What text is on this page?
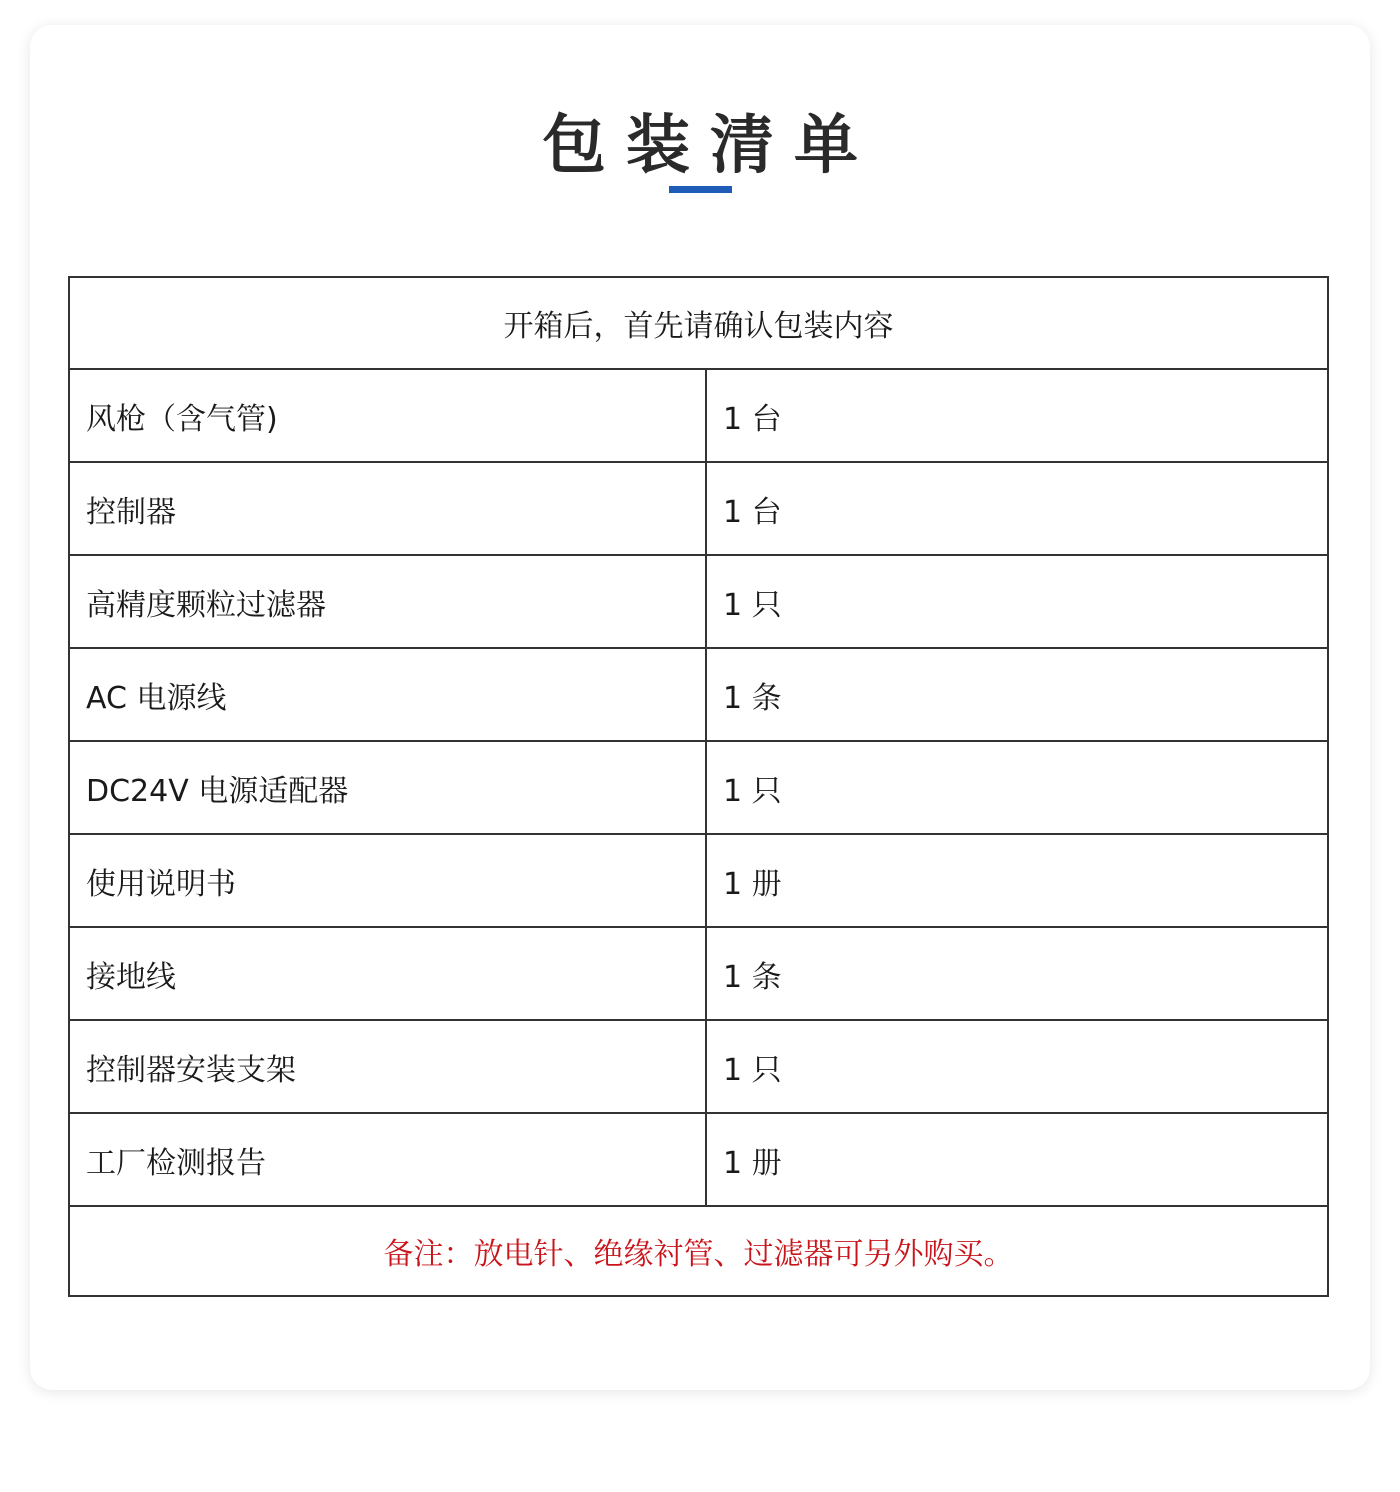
包装清单
开箱后，首先请确认包装内容	
风枪（含气管)	1 台
控制器	1 台
高精度颗粒过滤器	1 只
AC 电源线	1 条
DC24V 电源适配器	1 只
使用说明书	1 册
接地线	1 条
控制器安装支架	1 只
工厂检测报告	1 册
备注：放电针、绝缘衬管、过滤器可另外购买。	
